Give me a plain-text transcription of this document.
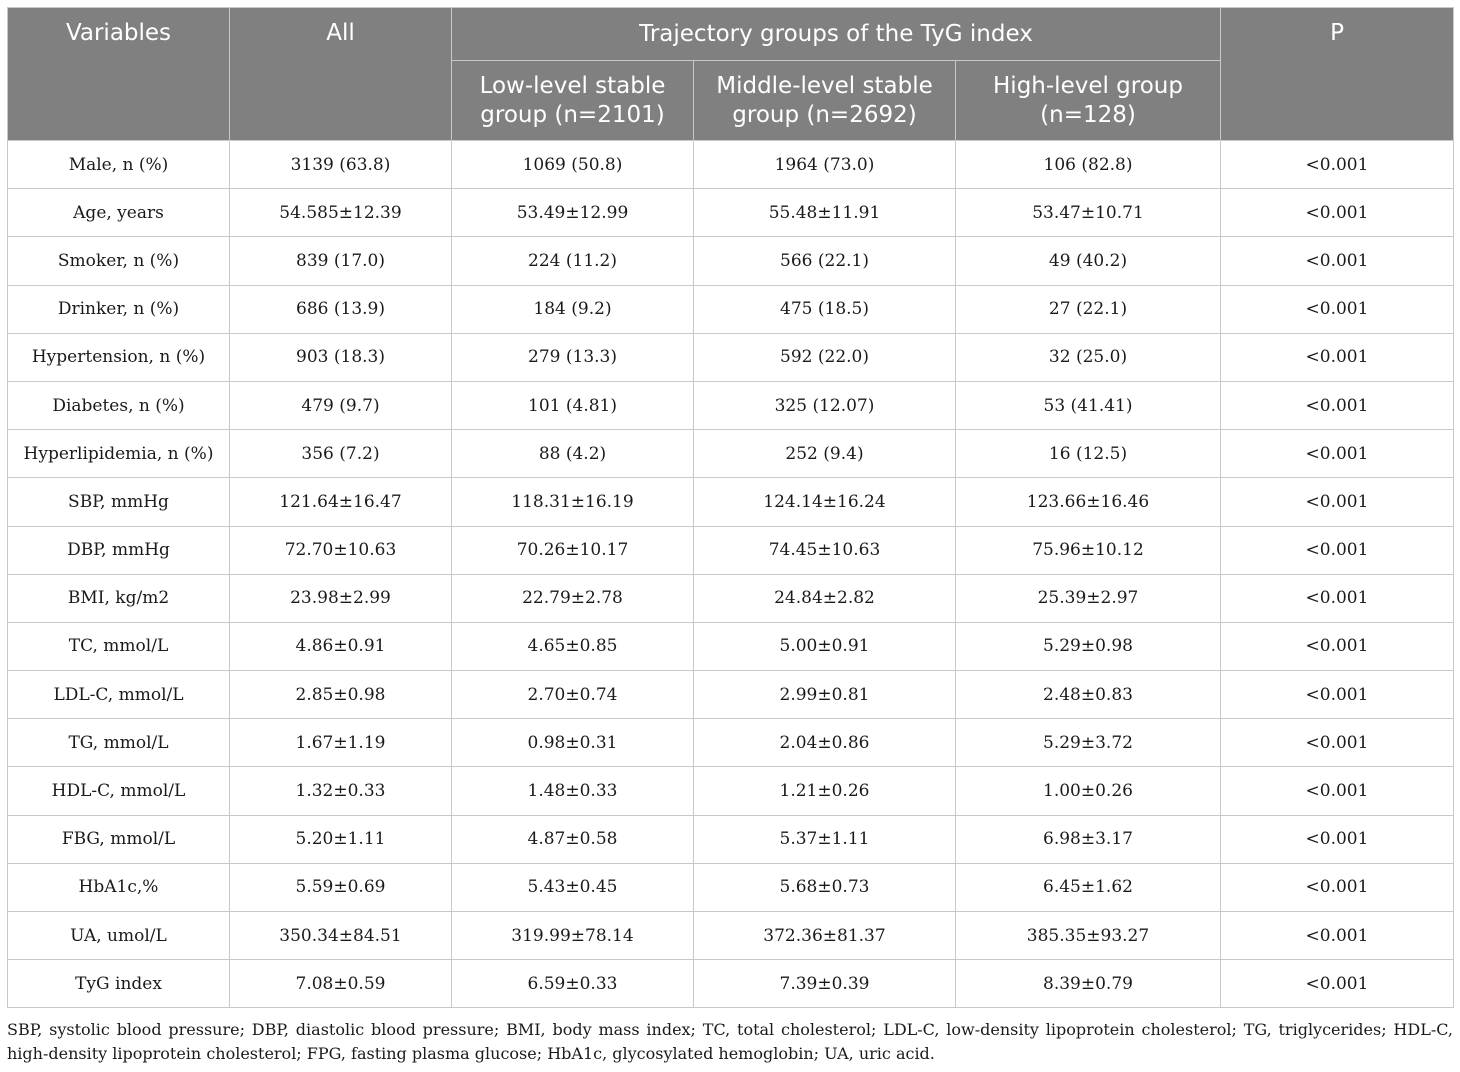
Variables	All	Trajectory groups of the TyG index			P
		Low-level stable group (n=2101)	Middle-level stable group (n=2692)	High-level group (n=128)	
Male, n (%)	3139 (63.8)	1069 (50.8)	1964 (73.0)	106 (82.8)	<0.001
Age, years	54.585±12.39	53.49±12.99	55.48±11.91	53.47±10.71	<0.001
Smoker, n (%)	839 (17.0)	224 (11.2)	566 (22.1)	49 (40.2)	<0.001
Drinker, n (%)	686 (13.9)	184 (9.2)	475 (18.5)	27 (22.1)	<0.001
Hypertension, n (%)	903 (18.3)	279 (13.3)	592 (22.0)	32 (25.0)	<0.001
Diabetes, n (%)	479 (9.7)	101 (4.81)	325 (12.07)	53 (41.41)	<0.001
Hyperlipidemia, n (%)	356 (7.2)	88 (4.2)	252 (9.4)	16 (12.5)	<0.001
SBP, mmHg	121.64±16.47	118.31±16.19	124.14±16.24	123.66±16.46	<0.001
DBP, mmHg	72.70±10.63	70.26±10.17	74.45±10.63	75.96±10.12	<0.001
BMI, kg/m2	23.98±2.99	22.79±2.78	24.84±2.82	25.39±2.97	<0.001
TC, mmol/L	4.86±0.91	4.65±0.85	5.00±0.91	5.29±0.98	<0.001
LDL-C, mmol/L	2.85±0.98	2.70±0.74	2.99±0.81	2.48±0.83	<0.001
TG, mmol/L	1.67±1.19	0.98±0.31	2.04±0.86	5.29±3.72	<0.001
HDL-C, mmol/L	1.32±0.33	1.48±0.33	1.21±0.26	1.00±0.26	<0.001
FBG, mmol/L	5.20±1.11	4.87±0.58	5.37±1.11	6.98±3.17	<0.001
HbA1c,%	5.59±0.69	5.43±0.45	5.68±0.73	6.45±1.62	<0.001
UA, umol/L	350.34±84.51	319.99±78.14	372.36±81.37	385.35±93.27	<0.001
TyG index	7.08±0.59	6.59±0.33	7.39±0.39	8.39±0.79	<0.001
SBP, systolic blood pressure; DBP, diastolic blood pressure; BMI, body mass index; TC, total cholesterol; LDL-C, low-density lipoprotein cholesterol; TG, triglycerides; HDL-C, high-density lipoprotein cholesterol; FPG, fasting plasma glucose; HbA1c, glycosylated hemoglobin; UA, uric acid.
